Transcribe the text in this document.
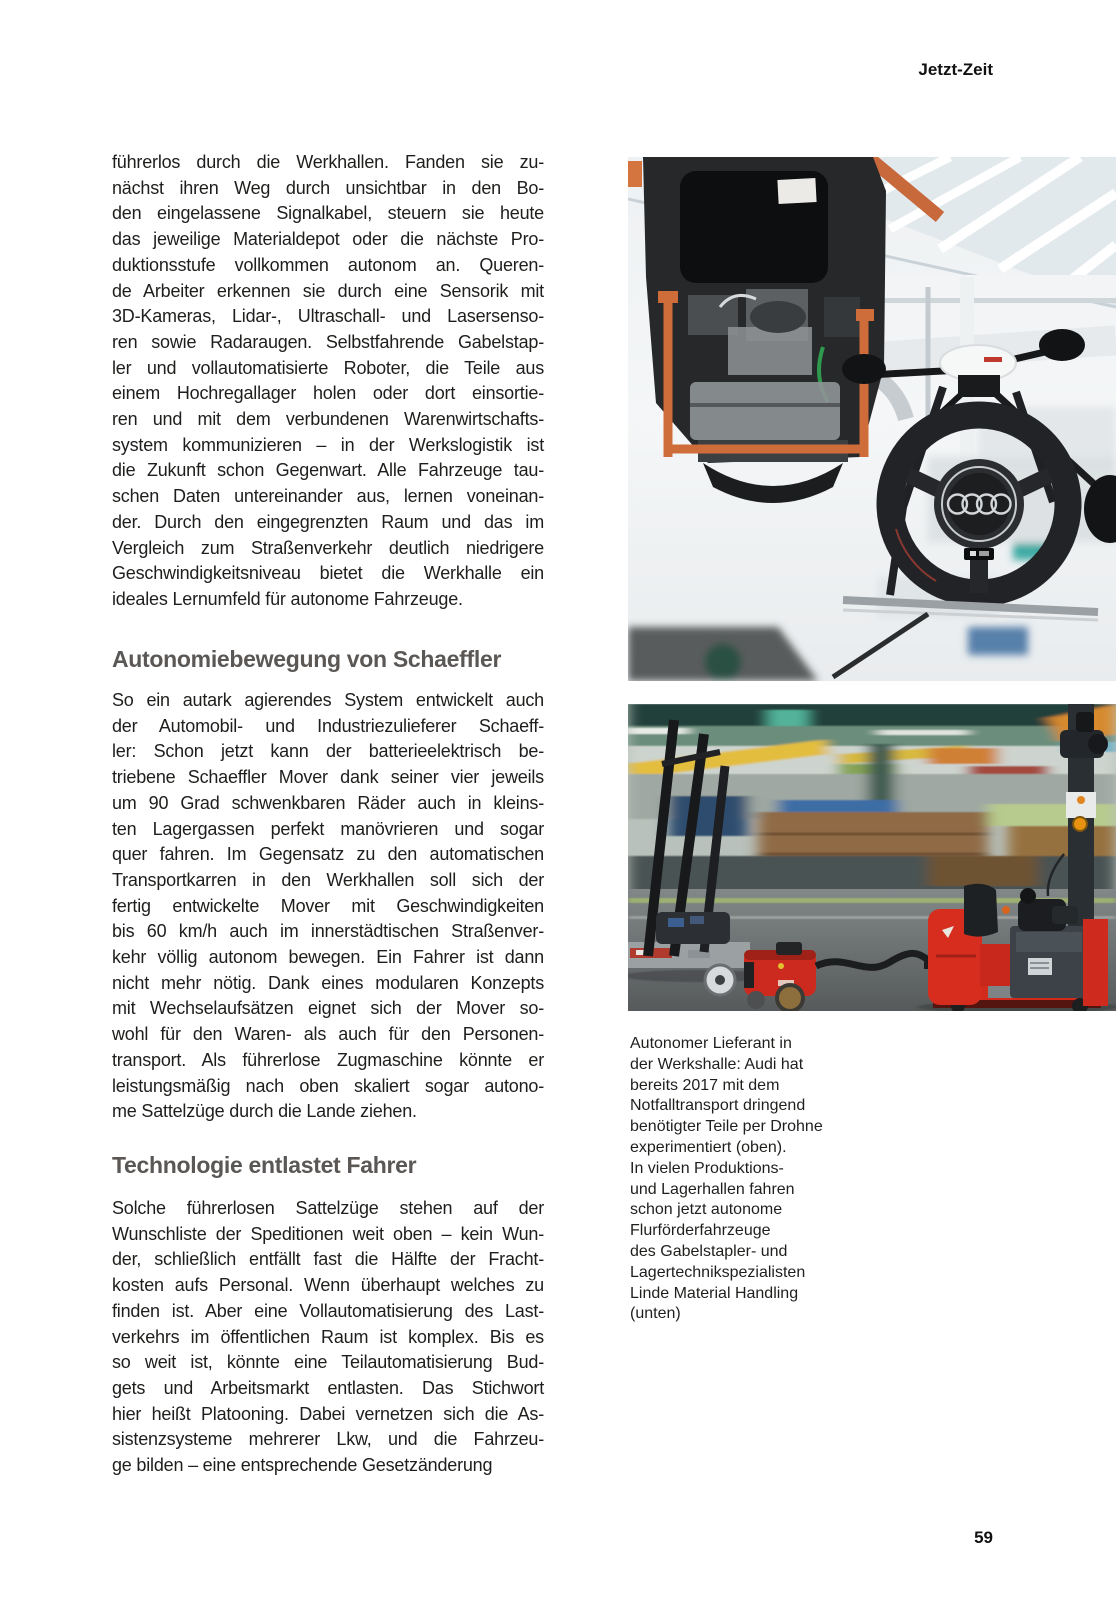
Jetzt-Zeit
führerlos durch die Werkhallen. Fanden sie zu-
nächst ihren Weg durch unsichtbar in den Bo-
den eingelassene Signalkabel, steuern sie heute
das jeweilige Materialdepot oder die nächste Pro-
duktionsstufe vollkommen autonom an. Queren-
de Arbeiter erkennen sie durch eine Sensorik mit
3D-Kameras, Lidar-, Ultraschall- und Lasersenso-
ren sowie Radaraugen. Selbstfahrende Gabelstap-
ler und vollautomatisierte Roboter, die Teile aus
einem Hochregallager holen oder dort einsortie-
ren und mit dem verbundenen Warenwirtschafts-
system kommunizieren – in der Werkslogistik ist
die Zukunft schon Gegenwart. Alle Fahrzeuge tau-
schen Daten untereinander aus, lernen voneinan-
der. Durch den eingegrenzten Raum und das im
Vergleich zum Straßenverkehr deutlich niedrigere
Geschwindigkeitsniveau bietet die Werkhalle ein
ideales Lernumfeld für autonome Fahrzeuge.
Autonomiebewegung von Schaeffler
So ein autark agierendes System entwickelt auch
der Automobil- und Industriezulieferer Schaeff-
ler: Schon jetzt kann der batterieelektrisch be-
triebene Schaeffler Mover dank seiner vier jeweils
um 90 Grad schwenkbaren Räder auch in kleins-
ten Lagergassen perfekt manövrieren und sogar
quer fahren. Im Gegensatz zu den automatischen
Transportkarren in den Werkhallen soll sich der
fertig entwickelte Mover mit Geschwindigkeiten
bis 60 km/h auch im innerstädtischen Straßenver-
kehr völlig autonom bewegen. Ein Fahrer ist dann
nicht mehr nötig. Dank eines modularen Konzepts
mit Wechselaufsätzen eignet sich der Mover so-
wohl für den Waren- als auch für den Personen-
transport. Als führerlose Zugmaschine könnte er
leistungsmäßig nach oben skaliert sogar autono-
me Sattelzüge durch die Lande ziehen.
Technologie entlastet Fahrer
Solche führerlosen Sattelzüge stehen auf der
Wunschliste der Speditionen weit oben – kein Wun-
der, schließlich entfällt fast die Hälfte der Fracht-
kosten aufs Personal. Wenn überhaupt welches zu
finden ist. Aber eine Vollautomatisierung des Last-
verkehrs im öffentlichen Raum ist komplex. Bis es
so weit ist, könnte eine Teilautomatisierung Bud-
gets und Arbeitsmarkt entlasten. Das Stichwort
hier heißt Platooning. Dabei vernetzen sich die As-
sistenzsysteme mehrerer Lkw, und die Fahrzeu-
ge bilden – eine entsprechende Gesetzänderung
Autonomer Lieferant in
der Werkshalle: Audi hat
bereits 2017 mit dem
Notfalltransport dringend
benötigter Teile per Drohne
experimentiert (oben).
In vielen Produktions-
und Lagerhallen fahren
schon jetzt autonome
Flurförderfahrzeuge
des Gabelstapler- und
Lagertechnikspezialisten
Linde Material Handling
(unten)
59
